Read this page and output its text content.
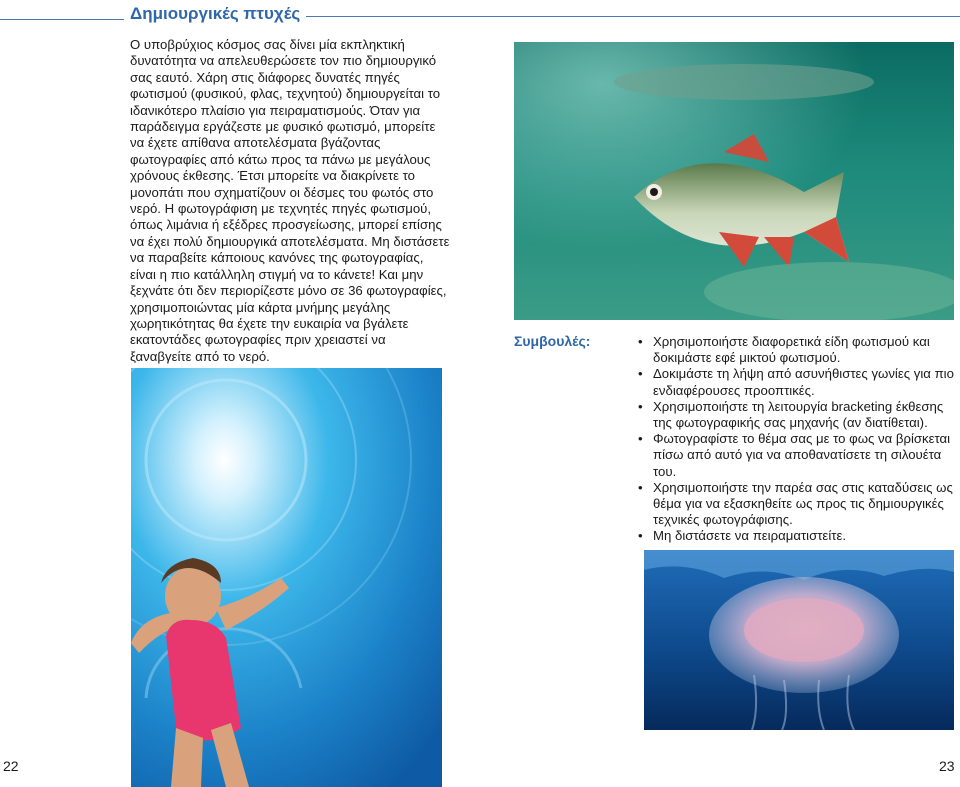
Δημιουργικές πτυχές

Ο υποβρύχιος κόσμος σας δίνει μία εκπληκτική δυνατότητα να απελευθερώσετε τον πιο δημιουργικό σας εαυτό. Χάρη στις διάφορες δυνατές πηγές φωτισμού (φυσικού, φλας, τεχνητού) δημιουργείται το ιδανικότερο πλαίσιο για πειραματισμούς. Όταν για παράδειγμα εργάζεστε με φυσικό φωτισμό, μπορείτε να έχετε απίθανα αποτελέσματα βγάζοντας φωτογραφίες από κάτω προς τα πάνω με μεγάλους χρόνους έκθεσης. Έτσι μπορείτε να διακρίνετε το μονοπάτι που σχηματίζουν οι δέσμες του φωτός στο νερό. Η φωτογράφιση με τεχνητές πηγές φωτισμού, όπως λιμάνια ή εξέδρες προσγείωσης, μπορεί επίσης να έχει πολύ δημιουργικά αποτελέσματα. Μη διστάσετε να παραβείτε κάποιους κανόνες της φωτογραφίας, είναι η πιο κατάλληλη στιγμή να το κάνετε! Και μην ξεχνάτε ότι δεν περιορίζεστε μόνο σε 36 φωτογραφίες, χρησιμοποιώντας μία κάρτα μνήμης μεγάλης χωρητικότητας θα έχετε την ευκαιρία να βγάλετε εκατοντάδες φωτογραφίες πριν χρειαστεί να ξαναβγείτε από το νερό.

Συμβουλές:	• Χρησιμοποιήστε διαφορετικά είδη φωτισμού και δοκιμάστε εφέ μικτού φωτισμού.
• Δοκιμάστε τη λήψη από ασυνήθιστες γωνίες για πιο ενδιαφέρουσες προοπτικές.
• Χρησιμοποιήστε τη λειτουργία bracketing έκθεσης της φωτογραφικής σας μηχανής (αν διατίθεται).
• Φωτογραφίστε το θέμα σας με το φως να βρίσκεται πίσω από αυτό για να αποθανατίσετε τη σιλουέτα του.
• Χρησιμοποιήστε την παρέα σας στις καταδύσεις ως θέμα για να εξασκηθείτε ως προς τις δημιουργικές τεχνικές φωτογράφισης.
• Μη διστάσετε να πειραματιστείτε.
22	23
